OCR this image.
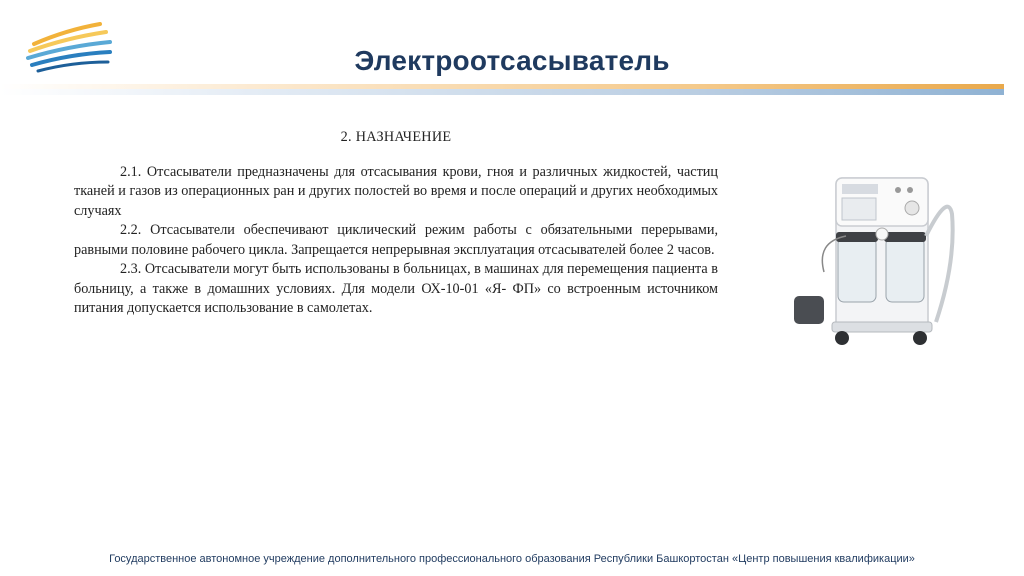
Электроотсасыватель

2. НАЗНАЧЕНИЕ

2.1. Отсасыватели предназначены для отсасывания крови, гноя и различных жидкостей, частиц тканей и газов из операционных ран и других полостей во время и после операций и других необходимых случаях

2.2. Отсасыватели обеспечивают циклический режим работы с обязательными перерывами, равными половине рабочего цикла. Запрещается непрерывная эксплуатация отсасывателей более 2 часов.

2.3. Отсасыватели могут быть использованы в больницах, в машинах для перемещения пациента в больницу, а также в домашних условиях. Для модели ОХ-10-01 «Я- ФП» со встроенным источником питания допускается использование в самолетах.

Государственное автономное учреждение дополнительного профессионального образования Республики Башкортостан «Центр повышения квалификации»
